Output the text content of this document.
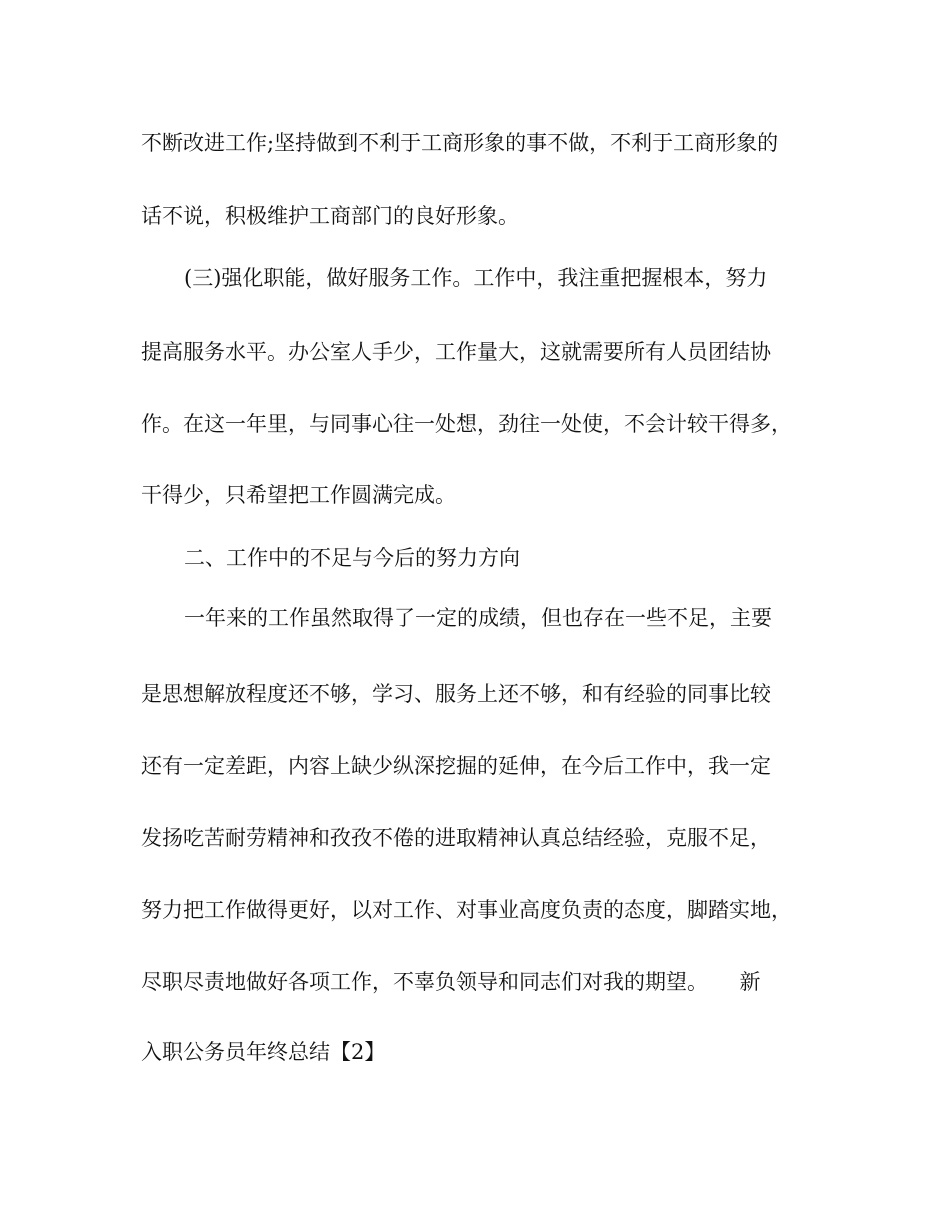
不断改进工作;坚持做到不利于工商形象的事不做，不利于工商形象的
话不说，积极维护工商部门的良好形象。
(三)强化职能，做好服务工作。工作中，我注重把握根本，努力
提高服务水平。办公室人手少，工作量大，这就需要所有人员团结协
作。在这一年里，与同事心往一处想，劲往一处使，不会计较干得多，
干得少，只希望把工作圆满完成。
二、工作中的不足与今后的努力方向
一年来的工作虽然取得了一定的成绩，但也存在一些不足，主要
是思想解放程度还不够，学习、服务上还不够，和有经验的同事比较
还有一定差距，内容上缺少纵深挖掘的延伸，在今后工作中，我一定
发扬吃苦耐劳精神和孜孜不倦的进取精神认真总结经验，克服不足，
努力把工作做得更好，以对工作、对事业高度负责的态度，脚踏实地，
尽职尽责地做好各项工作，不辜负领导和同志们对我的期望。　　新
入职公务员年终总结【2】
